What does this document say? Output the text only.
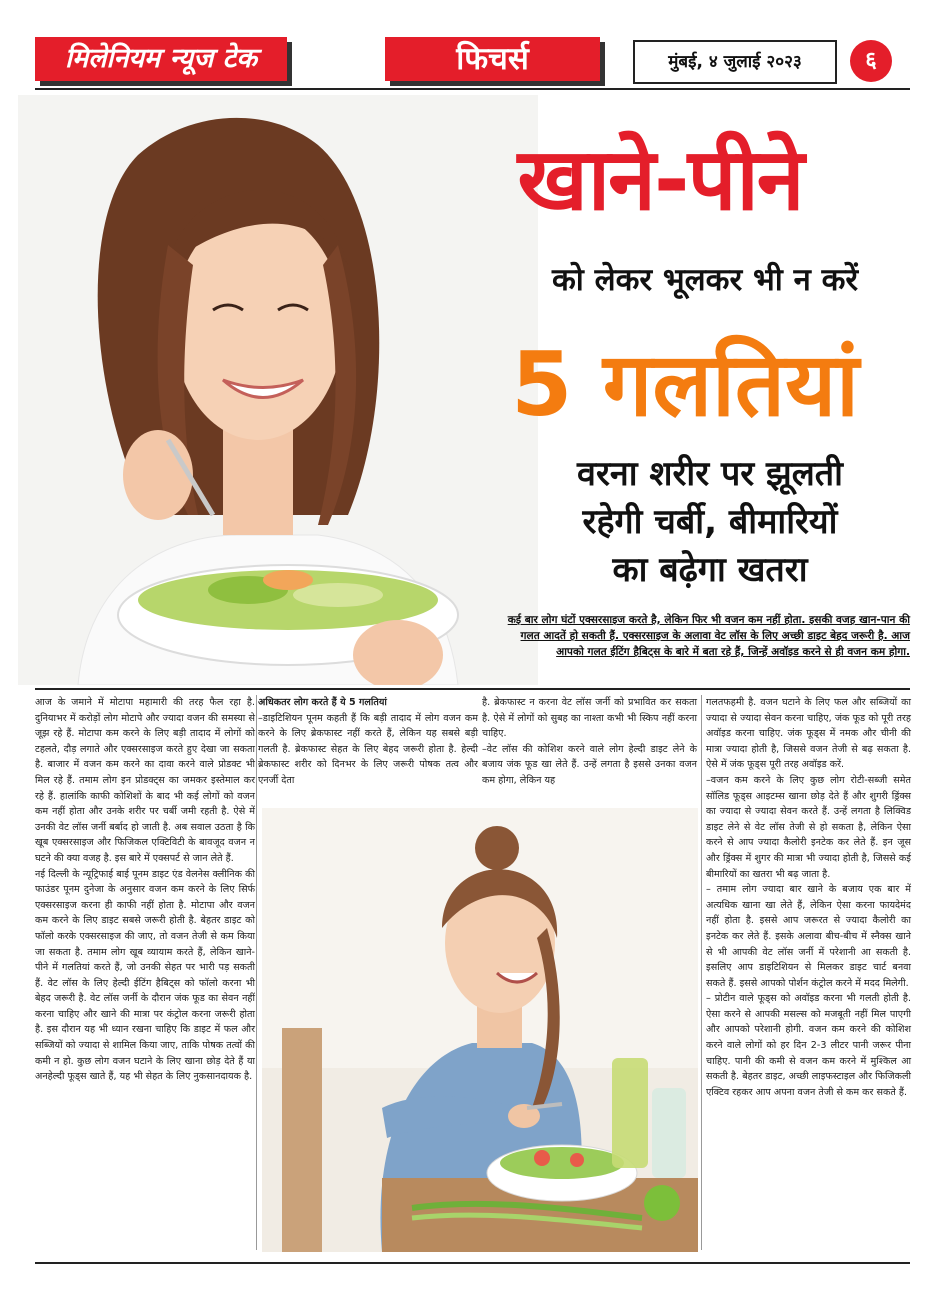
मिलेनियम न्यूज टेक	फिचर्स	मुंबई, ४ जुलाई २०२३	६
खाने-पीने
को लेकर भूलकर भी न करें
5 गलतियां
वरना शरीर पर झूलती
रहेगी चर्बी, बीमारियों
का बढ़ेगा खतरा
कई बार लोग घंटों एक्सरसाइज करते है, लेकिन फिर भी वजन कम नहीं होता. इसकी वजह खान-पान की गलत आदतें हो सकती हैं. एक्सरसाइज के अलावा वेट लॉस के लिए अच्छी डाइट बेहद जरूरी है. आज आपको गलत ईटिंग हैबिट्स के बारे में बता रहे हैं, जिन्हें अवॉइड करने से ही वजन कम होगा.

आज के जमाने में मोटापा महामारी की तरह फैल रहा है. दुनियाभर में करोड़ों लोग मोटापे और ज्यादा वजन की समस्या से जूझ रहे हैं. मोटापा कम करने के लिए बड़ी तादाद में लोगों को टहलते, दौड़ लगाते और एक्सरसाइज करते हुए देखा जा सकता है. बाजार में वजन कम करने का दावा करने वाले प्रोडक्ट भी मिल रहे हैं. तमाम लोग इन प्रोडक्ट्स का जमकर इस्तेमाल कर रहे हैं. हालांकि काफी कोशिशों के बाद भी कई लोगों को वजन कम नहीं होता और उनके शरीर पर चर्बी जमी रहती है. ऐसे में उनकी वेट लॉस जर्नी बर्बाद हो जाती है. अब सवाल उठता है कि खूब एक्सरसाइज और फिजिकल एक्टिविटी के बावजूद वजन न घटने की क्या वजह है. इस बारे में एक्सपर्ट से जान लेते हैं.

नई दिल्ली के न्यूट्रिफाई बाई पूनम डाइट एंड वेलनेस क्लीनिक की फाउंडर पूनम दुनेजा के अनुसार वजन कम करने के लिए सिर्फ एक्सरसाइज करना ही काफी नहीं होता है. मोटापा और वजन कम करने के लिए डाइट सबसे जरूरी होती है. बेहतर डाइट को फॉलो करके एक्सरसाइज की जाए, तो वजन तेजी से कम किया जा सकता है. तमाम लोग खूब व्यायाम करते हैं, लेकिन खाने-पीने में गलतियां करते हैं, जो उनकी सेहत पर भारी पड़ सकती हैं. वेट लॉस के लिए हेल्दी ईटिंग हैबिट्स को फॉलो करना भी बेहद जरूरी है. वेट लॉस जर्नी के दौरान जंक फूड का सेवन नहीं करना चाहिए और खाने की मात्रा पर कंट्रोल करना जरूरी होता है. इस दौरान यह भी ध्यान रखना चाहिए कि डाइट में फल और सब्जियों को ज्यादा से शामिल किया जाए, ताकि पोषक तत्वों की कमी न हो. कुछ लोग वजन घटाने के लिए खाना छोड़ देते हैं या अनहेल्दी फूड्स खाते हैं, यह भी सेहत के लिए नुकसानदायक है.

अधिकतर लोग करते हैं ये 5 गलतियां

–डाइटिशियन पूनम कहती हैं कि बड़ी तादाद में लोग वजन कम करने के लिए ब्रेकफास्ट नहीं करते हैं, लेकिन यह सबसे बड़ी गलती है. ब्रेकफास्ट सेहत के लिए बेहद जरूरी होता है. हेल्दी ब्रेकफास्ट शरीर को दिनभर के लिए जरूरी पोषक तत्व और एनर्जी देता

है. ब्रेकफास्ट न करना वेट लॉस जर्नी को प्रभावित कर सकता है. ऐसे में लोगों को सुबह का नाश्ता कभी भी स्किप नहीं करना चाहिए.

–वेट लॉस की कोशिश करने वाले लोग हेल्दी डाइट लेने के बजाय जंक फूड खा लेते हैं. उन्हें लगता है इससे उनका वजन कम होगा, लेकिन यह

गलतफहमी है. वजन घटाने के लिए फल और सब्जियों का ज्यादा से ज्यादा सेवन करना चाहिए, जंक फूड को पूरी तरह अवॉइड करना चाहिए. जंक फूड्स में नमक और चीनी की मात्रा ज्यादा होती है, जिससे वजन तेजी से बढ़ सकता है. ऐसे में जंक फूड्स पूरी तरह अवॉइड करें.

–वजन कम करने के लिए कुछ लोग रोटी-सब्जी समेत सॉलिड फूड्स आइटम्स खाना छोड़ देते हैं और शुगरी ड्रिंक्स का ज्यादा से ज्यादा सेवन करते हैं. उन्हें लगता है लिक्विड डाइट लेने से वेट लॉस तेजी से हो सकता है, लेकिन ऐसा करने से आप ज्यादा कैलोरी इनटेक कर लेते हैं. इन जूस और ड्रिंक्स में शुगर की मात्रा भी ज्यादा होती है, जिससे कई बीमारियों का खतरा भी बढ़ जाता है.

– तमाम लोग ज्यादा बार खाने के बजाय एक बार में अत्यधिक खाना खा लेते हैं, लेकिन ऐसा करना फायदेमंद नहीं होता है. इससे आप जरूरत से ज्यादा कैलोरी का इनटेक कर लेते हैं. इसके अलावा बीच-बीच में स्नैक्स खाने से भी आपकी वेट लॉस जर्नी में परेशानी आ सकती है. इसलिए आप डाइटिशियन से मिलकर डाइट चार्ट बनवा सकते हैं. इससे आपको पोर्शन कंट्रोल करने में मदद मिलेगी.

– प्रोटीन वाले फूड्स को अवॉइड करना भी गलती होती है. ऐसा करने से आपकी मसल्स को मजबूती नहीं मिल पाएगी और आपको परेशानी होगी. वजन कम करने की कोशिश करने वाले लोगों को हर दिन 2-3 लीटर पानी जरूर पीना चाहिए. पानी की कमी से वजन कम करने में मुश्किल आ सकती है. बेहतर डाइट, अच्छी लाइफस्टाइल और फिजिकली एक्टिव रहकर आप अपना वजन तेजी से कम कर सकते हैं.
